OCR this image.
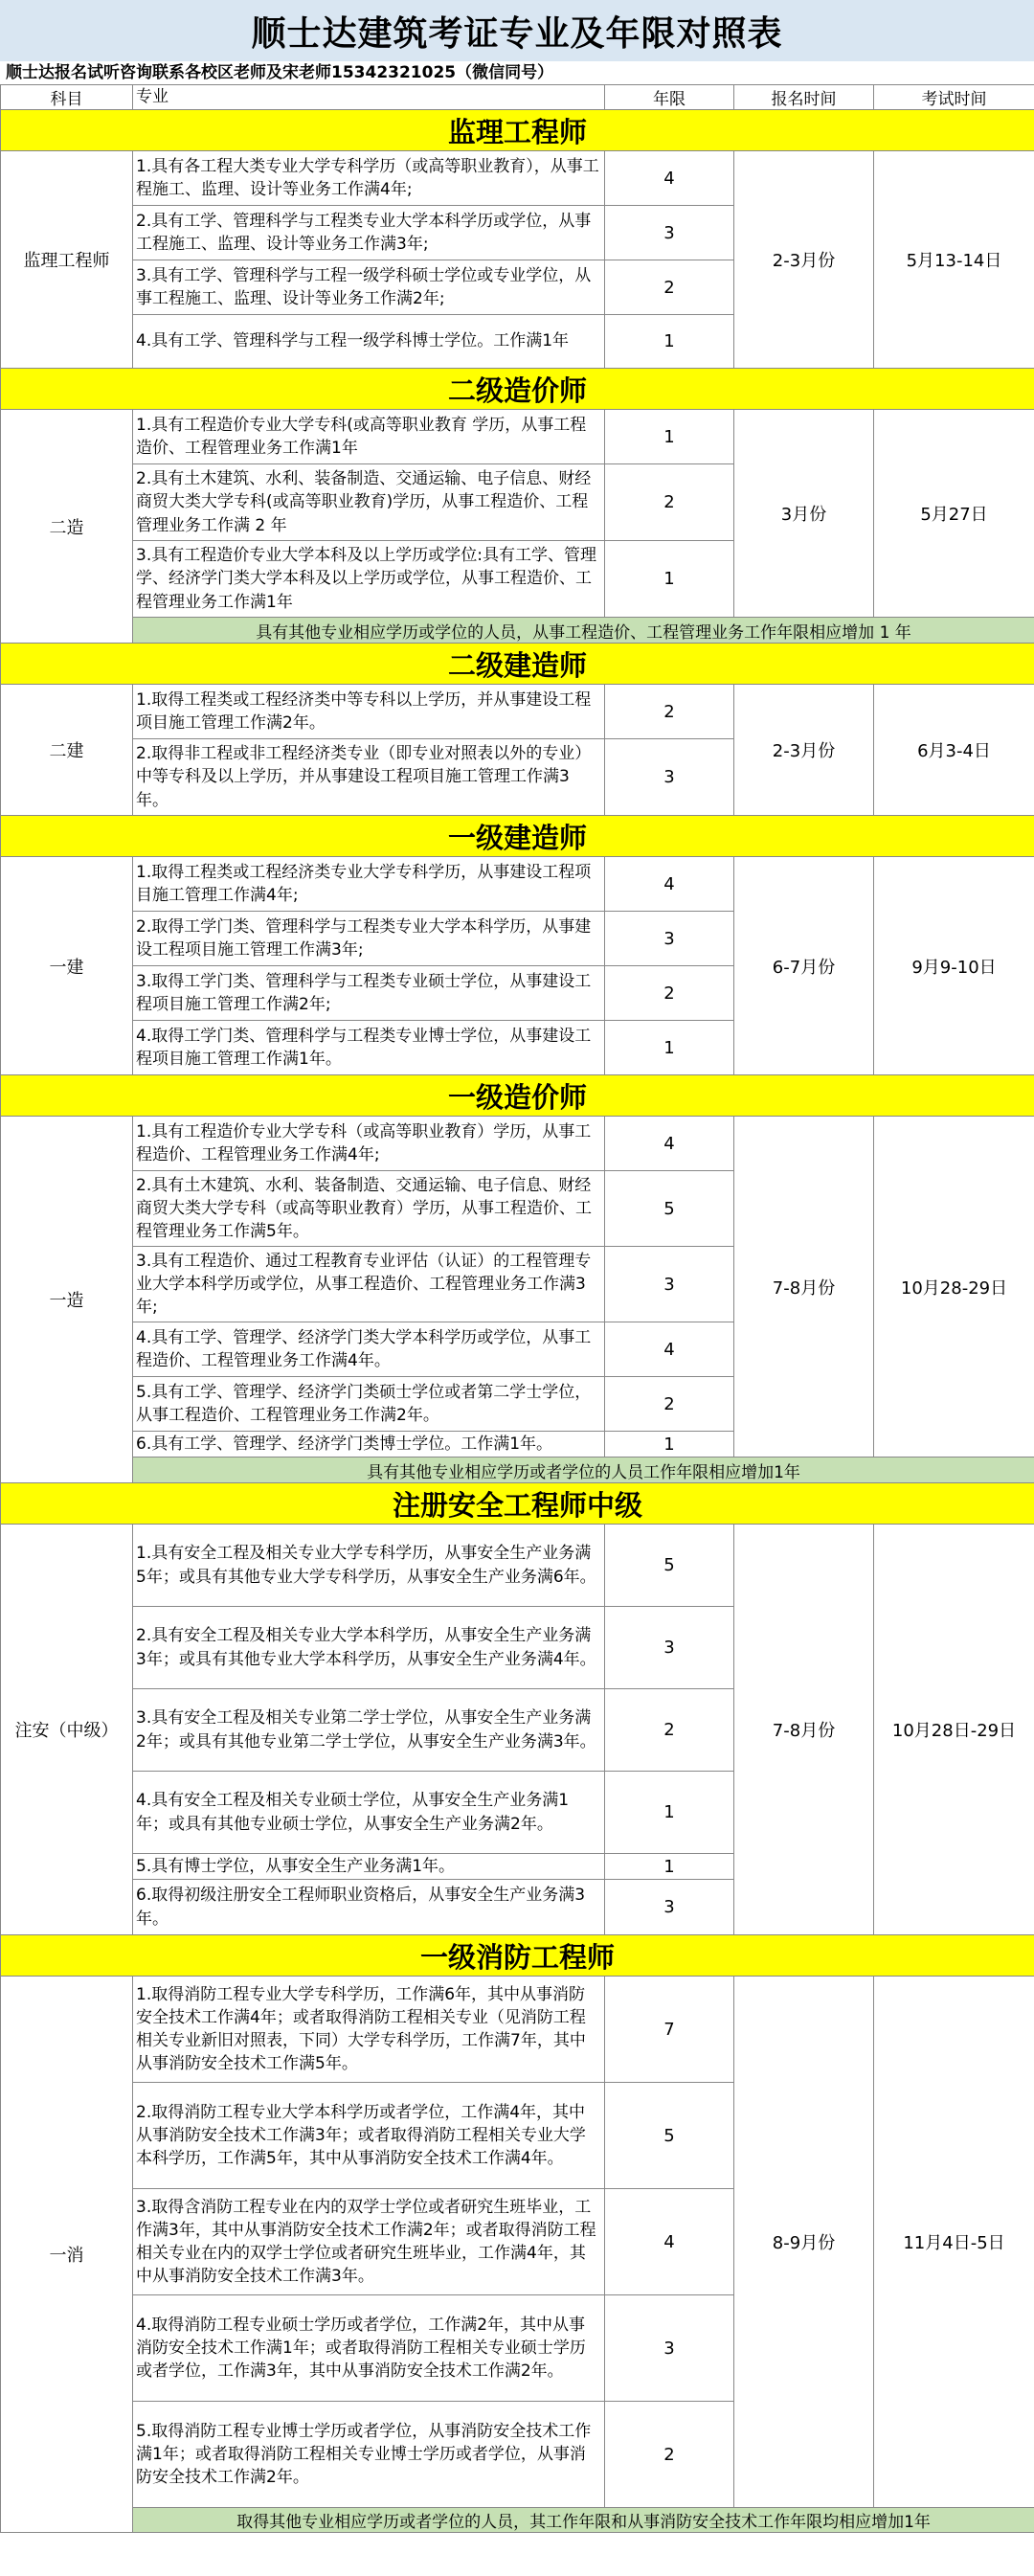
顺士达建筑考证专业及年限对照表
顺士达报名试听咨询联系各校区老师及宋老师15342321025（微信同号）
科目	专业	年限	报名时间	考试时间
监理工程师				
监理工程师	1.具有各工程大类专业大学专科学历（或高等职业教育），从事工程施工、监理、设计等业务工作满4年;	4	2-3月份	5月13-14日
	2.具有工学、管理科学与工程类专业大学本科学历或学位，从事工程施工、监理、设计等业务工作满3年;	3		
	3.具有工学、管理科学与工程一级学科硕士学位或专业学位，从事工程施工、监理、设计等业务工作满2年;	2		
	4.具有工学、管理科学与工程一级学科博士学位。工作满1年	1		
二级造价师				
二造	1.具有工程造价专业大学专科(或高等职业教育 学历，从事工程造价、工程管理业务工作满1年	1	3月份	5月27日
	2.具有土木建筑、水利、装备制造、交通运输、电子信息、财经商贸大类大学专科(或高等职业教育)学历，从事工程造价、工程管理业务工作满 2 年	2		
	3.具有工程造价专业大学本科及以上学历或学位:具有工学、管理学、经济学门类大学本科及以上学历或学位，从事工程造价、工程管理业务工作满1年	1		
	具有其他专业相应学历或学位的人员，从事工程造价、工程管理业务工作年限相应增加 1 年			
二级建造师				
二建	1.取得工程类或工程经济类中等专科以上学历，并从事建设工程项目施工管理工作满2年。	2	2-3月份	6月3-4日
	2.取得非工程或非工程经济类专业（即专业对照表以外的专业）中等专科及以上学历，并从事建设工程项目施工管理工作满3年。	3		
一级建造师				
一建	1.取得工程类或工程经济类专业大学专科学历，从事建设工程项目施工管理工作满4年;	4	6-7月份	9月9-10日
	2.取得工学门类、管理科学与工程类专业大学本科学历，从事建设工程项目施工管理工作满3年;	3		
	3.取得工学门类、管理科学与工程类专业硕士学位，从事建设工程项目施工管理工作满2年;	2		
	4.取得工学门类、管理科学与工程类专业博士学位，从事建设工程项目施工管理工作满1年。	1		
一级造价师				
一造	1.具有工程造价专业大学专科（或高等职业教育）学历，从事工程造价、工程管理业务工作满4年;	4	7-8月份	10月28-29日
	2.具有土木建筑、水利、装备制造、交通运输、电子信息、财经商贸大类大学专科（或高等职业教育）学历，从事工程造价、工程管理业务工作满5年。	5		
	3.具有工程造价、通过工程教育专业评估（认证）的工程管理专业大学本科学历或学位，从事工程造价、工程管理业务工作满3年;	3		
	4.具有工学、管理学、经济学门类大学本科学历或学位，从事工程造价、工程管理业务工作满4年。	4		
	5.具有工学、管理学、经济学门类硕士学位或者第二学士学位，从事工程造价、工程管理业务工作满2年。	2		
	6.具有工学、管理学、经济学门类博士学位。工作满1年。	1		
	具有其他专业相应学历或者学位的人员工作年限相应增加1年			
注册安全工程师中级				
注安（中级）	1.具有安全工程及相关专业大学专科学历，从事安全生产业务满5年；或具有其他专业大学专科学历，从事安全生产业务满6年。	5	7-8月份	10月28日-29日
	2.具有安全工程及相关专业大学本科学历，从事安全生产业务满3年；或具有其他专业大学本科学历，从事安全生产业务满4年。	3		
	3.具有安全工程及相关专业第二学士学位，从事安全生产业务满2年；或具有其他专业第二学士学位，从事安全生产业务满3年。	2		
	4.具有安全工程及相关专业硕士学位，从事安全生产业务满1年；或具有其他专业硕士学位，从事安全生产业务满2年。	1		
	5.具有博士学位，从事安全生产业务满1年。	1		
	6.取得初级注册安全工程师职业资格后，从事安全生产业务满3年。	3		
一级消防工程师				
一消	1.取得消防工程专业大学专科学历，工作满6年，其中从事消防安全技术工作满4年；或者取得消防工程相关专业（见消防工程相关专业新旧对照表，下同）大学专科学历，工作满7年，其中从事消防安全技术工作满5年。	7	8-9月份	11月4日-5日
	2.取得消防工程专业大学本科学历或者学位，工作满4年，其中从事消防安全技术工作满3年；或者取得消防工程相关专业大学本科学历，工作满5年，其中从事消防安全技术工作满4年。	5		
	3.取得含消防工程专业在内的双学士学位或者研究生班毕业，工作满3年，其中从事消防安全技术工作满2年；或者取得消防工程相关专业在内的双学士学位或者研究生班毕业，工作满4年，其中从事消防安全技术工作满3年。	4		
	4.取得消防工程专业硕士学历或者学位，工作满2年，其中从事消防安全技术工作满1年；或者取得消防工程相关专业硕士学历或者学位，工作满3年，其中从事消防安全技术工作满2年。	3		
	5.取得消防工程专业博士学历或者学位，从事消防安全技术工作满1年；或者取得消防工程相关专业博士学历或者学位，从事消防安全技术工作满2年。	2		
	取得其他专业相应学历或者学位的人员，其工作年限和从事消防安全技术工作年限均相应增加1年			
